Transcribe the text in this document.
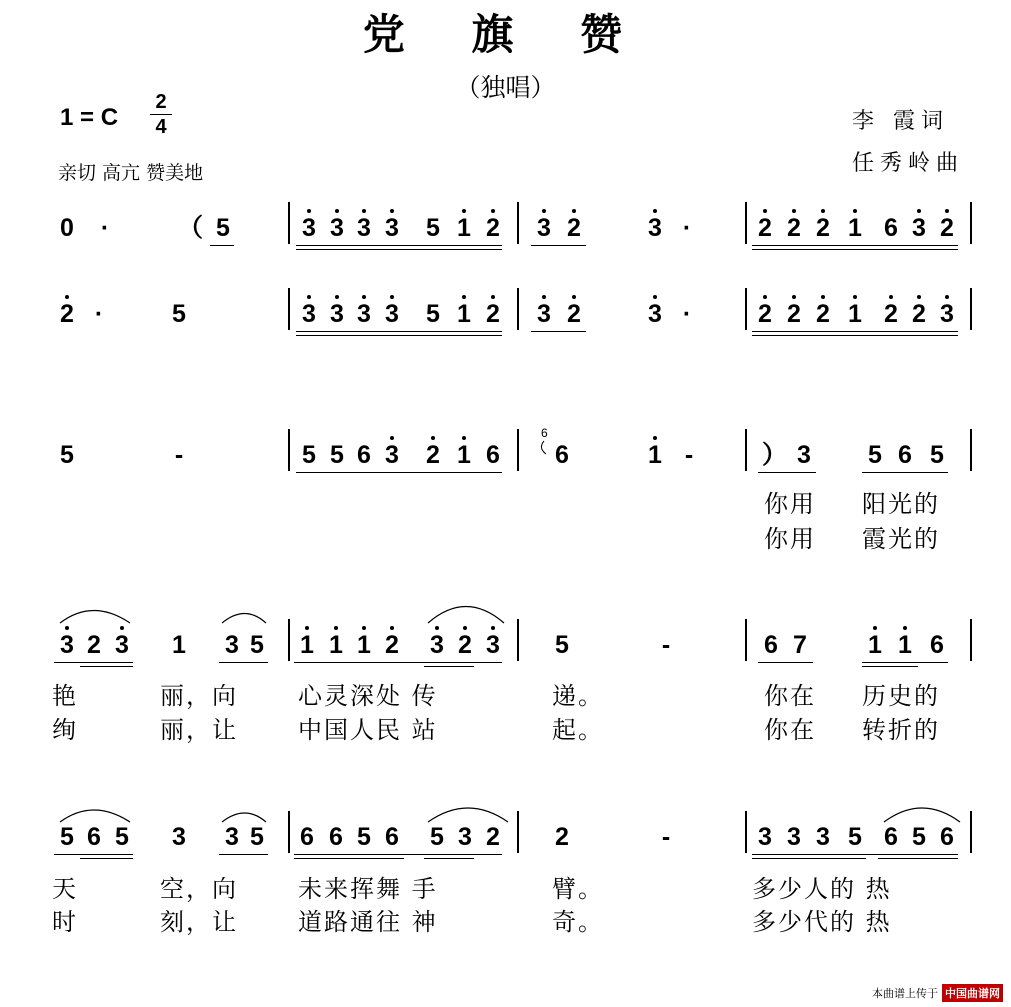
党 旗 赞
（独唱）
1 = C
2
4
亲切 高亢 赞美地
李 霞词
任秀岭曲
0 ·	（ 5	3 3 3 3 5 1 2 3 2	3 ·	2 2 2 1 6 3 2
2 ·	5	3 3 3 3 5 1 2 3 2	3 ·	2 2 2 1 2 2 3
5	-	5 5 6 3 2 1 6 6	1 -	） 3 5 6 5
3 2 3 1 3 5 1 1 1 2 3 2 3 5	-	6 7 1 1 6
5 6 5 3 3 5 6 6 5 6 5 3 2 2	-	3 3 3 5 6 5 6
你用 阳光的
你用 霞光的
艳	丽，向	心灵深处 传	递。	你在 历史的
绚	丽，让	中国人民 站	起。	你在 转折的
天	空，向	未来挥舞 手	臂。	多少人的 热
时	刻，让	道路通往 神	奇。	多少代的 热
6
本曲谱上传于 中国曲谱网
